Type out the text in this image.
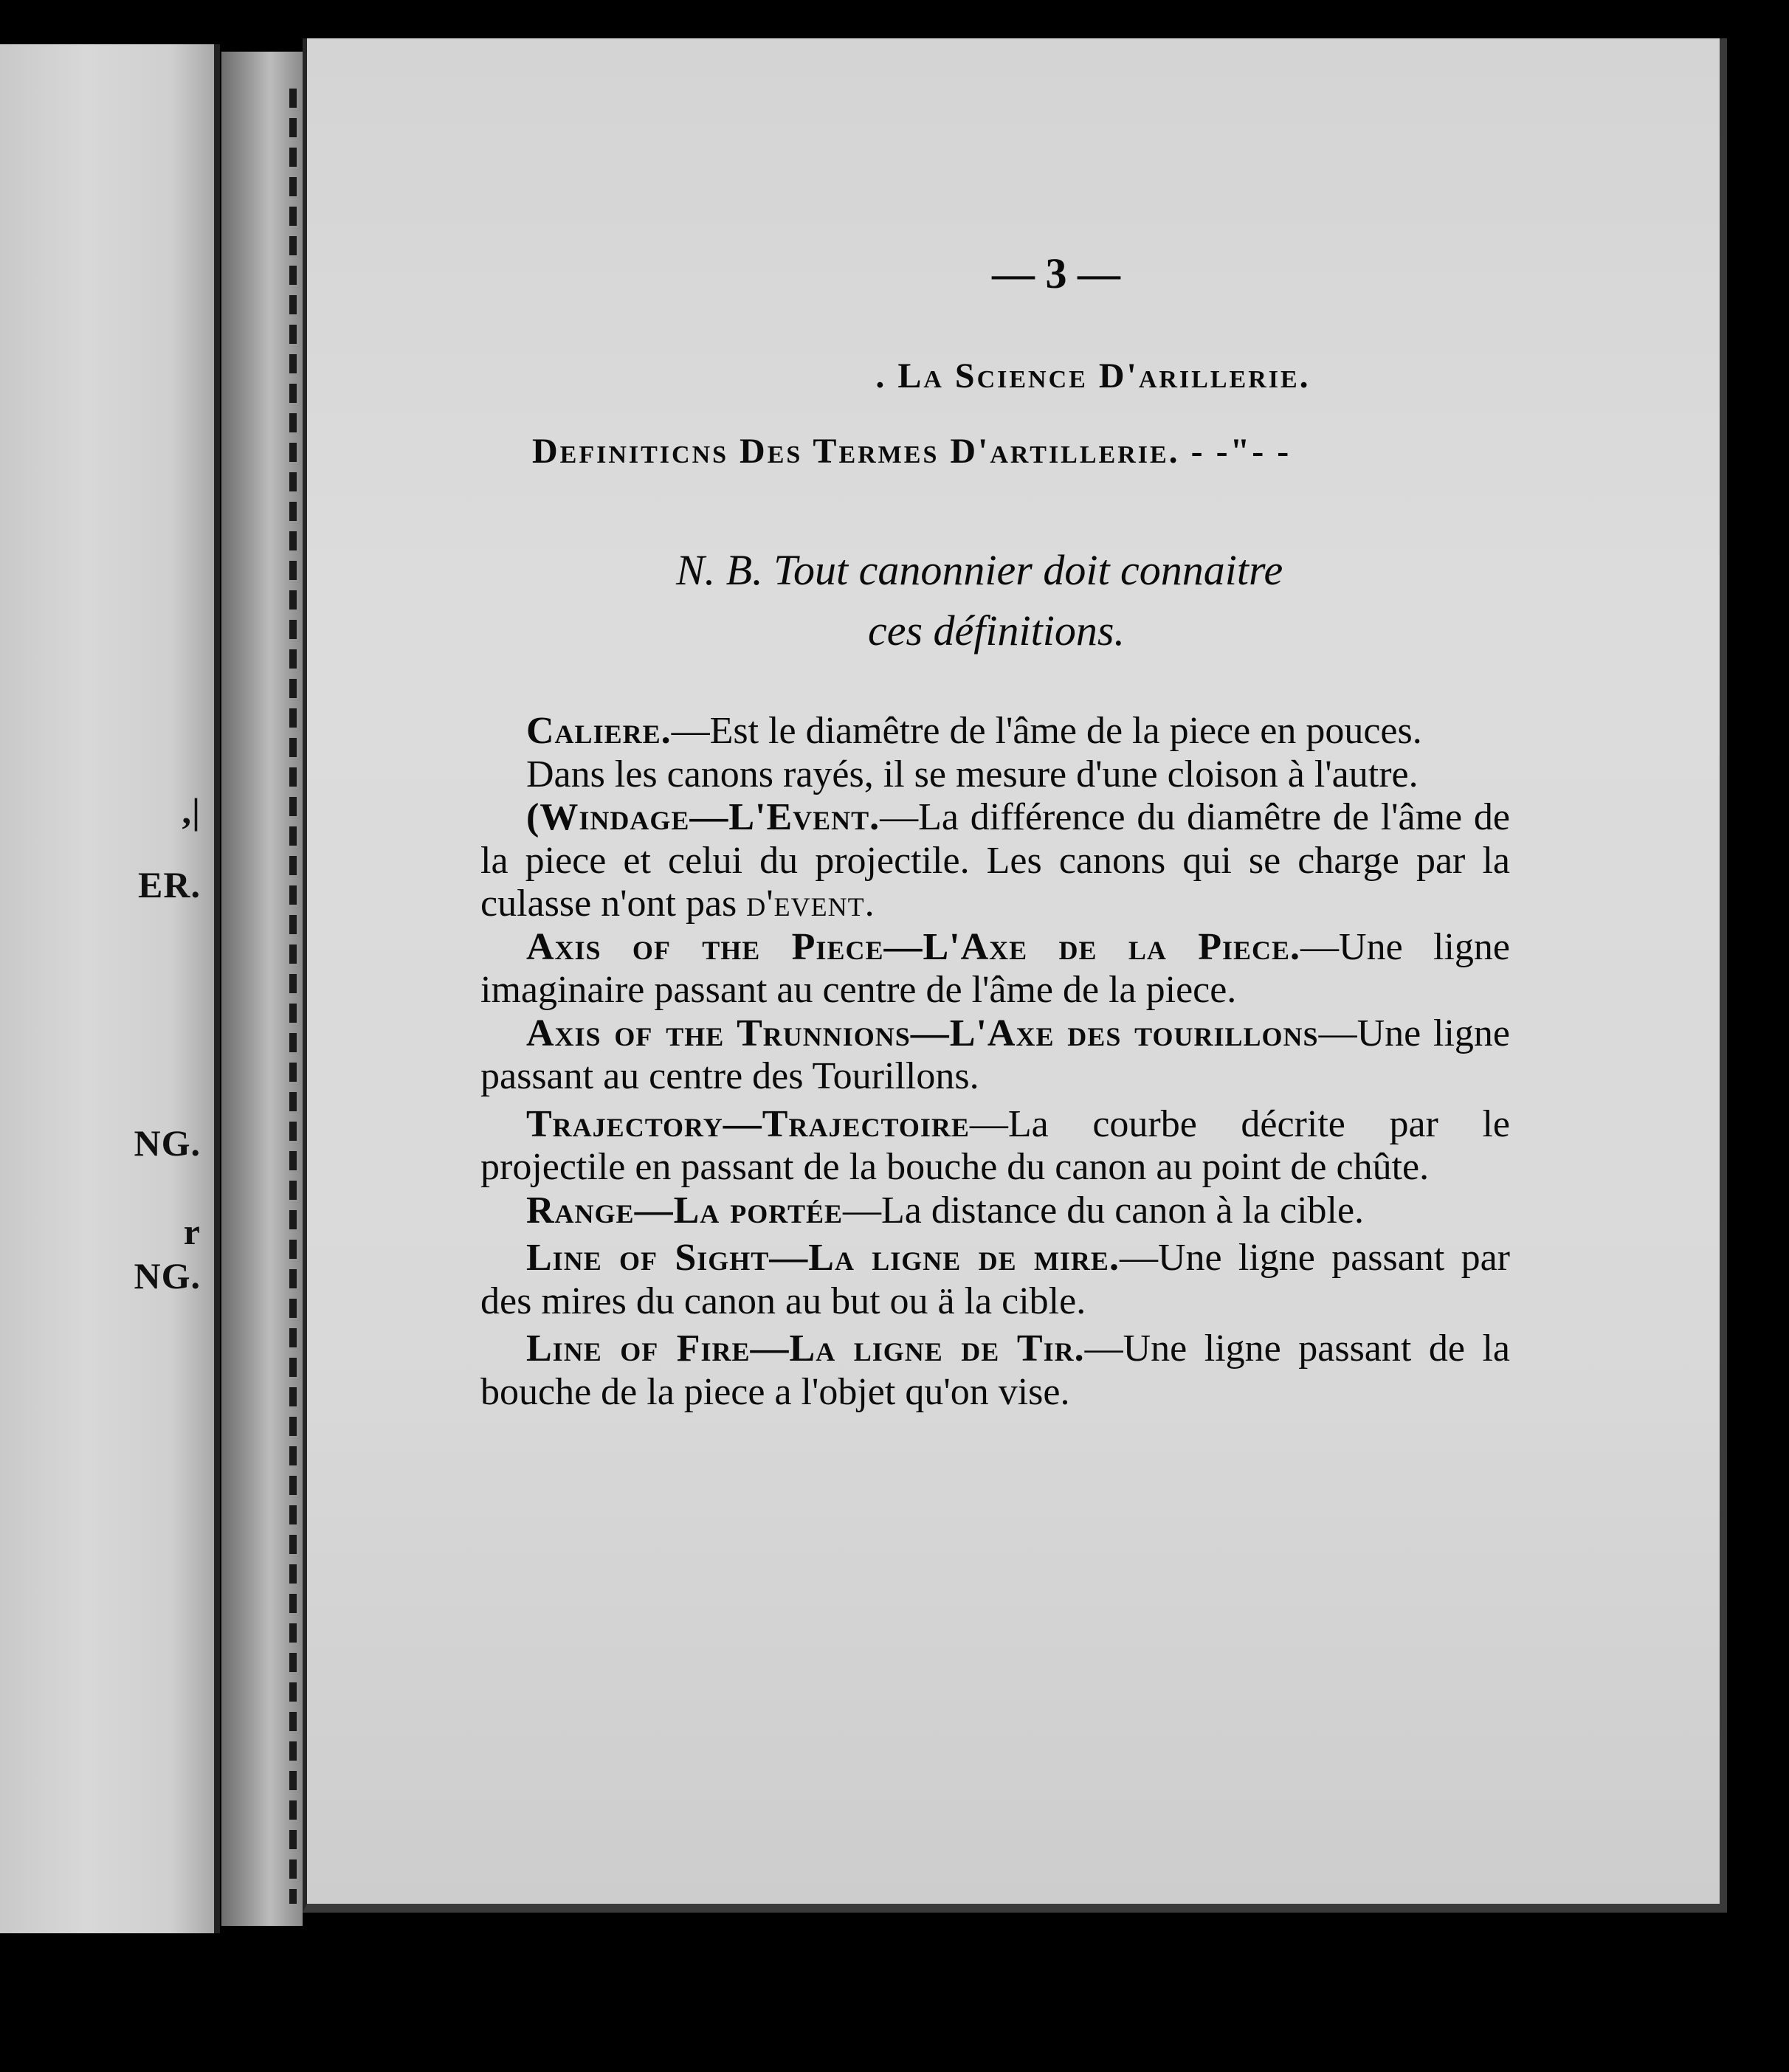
,|
ER.
NG.
r
NG.
— 3 —
. La Science D'arillerie.
Definiticns Des Termes D'artillerie. - -"- -
N. B. Tout canonnier doit connaitre
ces définitions.

Caliere.—Est le diamêtre de l'âme de la piece en pouces.

Dans les canons rayés, il se mesure d'une cloison à l'autre.

(Windage—L'Event.—La différence du diamêtre de l'âme de la piece et celui du projectile. Les canons qui se charge par la culasse n'ont pas d'event.

Axis of the Piece—L'Axe de la Piece.—Une ligne imaginaire passant au centre de l'âme de la piece.

Axis of the Trunnions—L'Axe des tourillons—Une ligne passant au centre des Tourillons.

Trajectory—Trajectoire—La courbe décrite par le projectile en passant de la bouche du canon au point de chûte.

Range—La portée—La distance du canon à la cible.

Line of Sight—La ligne de mire.—Une ligne passant par des mires du canon au but ou ä la cible.

Line of Fire—La ligne de Tir.—Une ligne passant de la bouche de la piece a l'objet qu'on vise.
